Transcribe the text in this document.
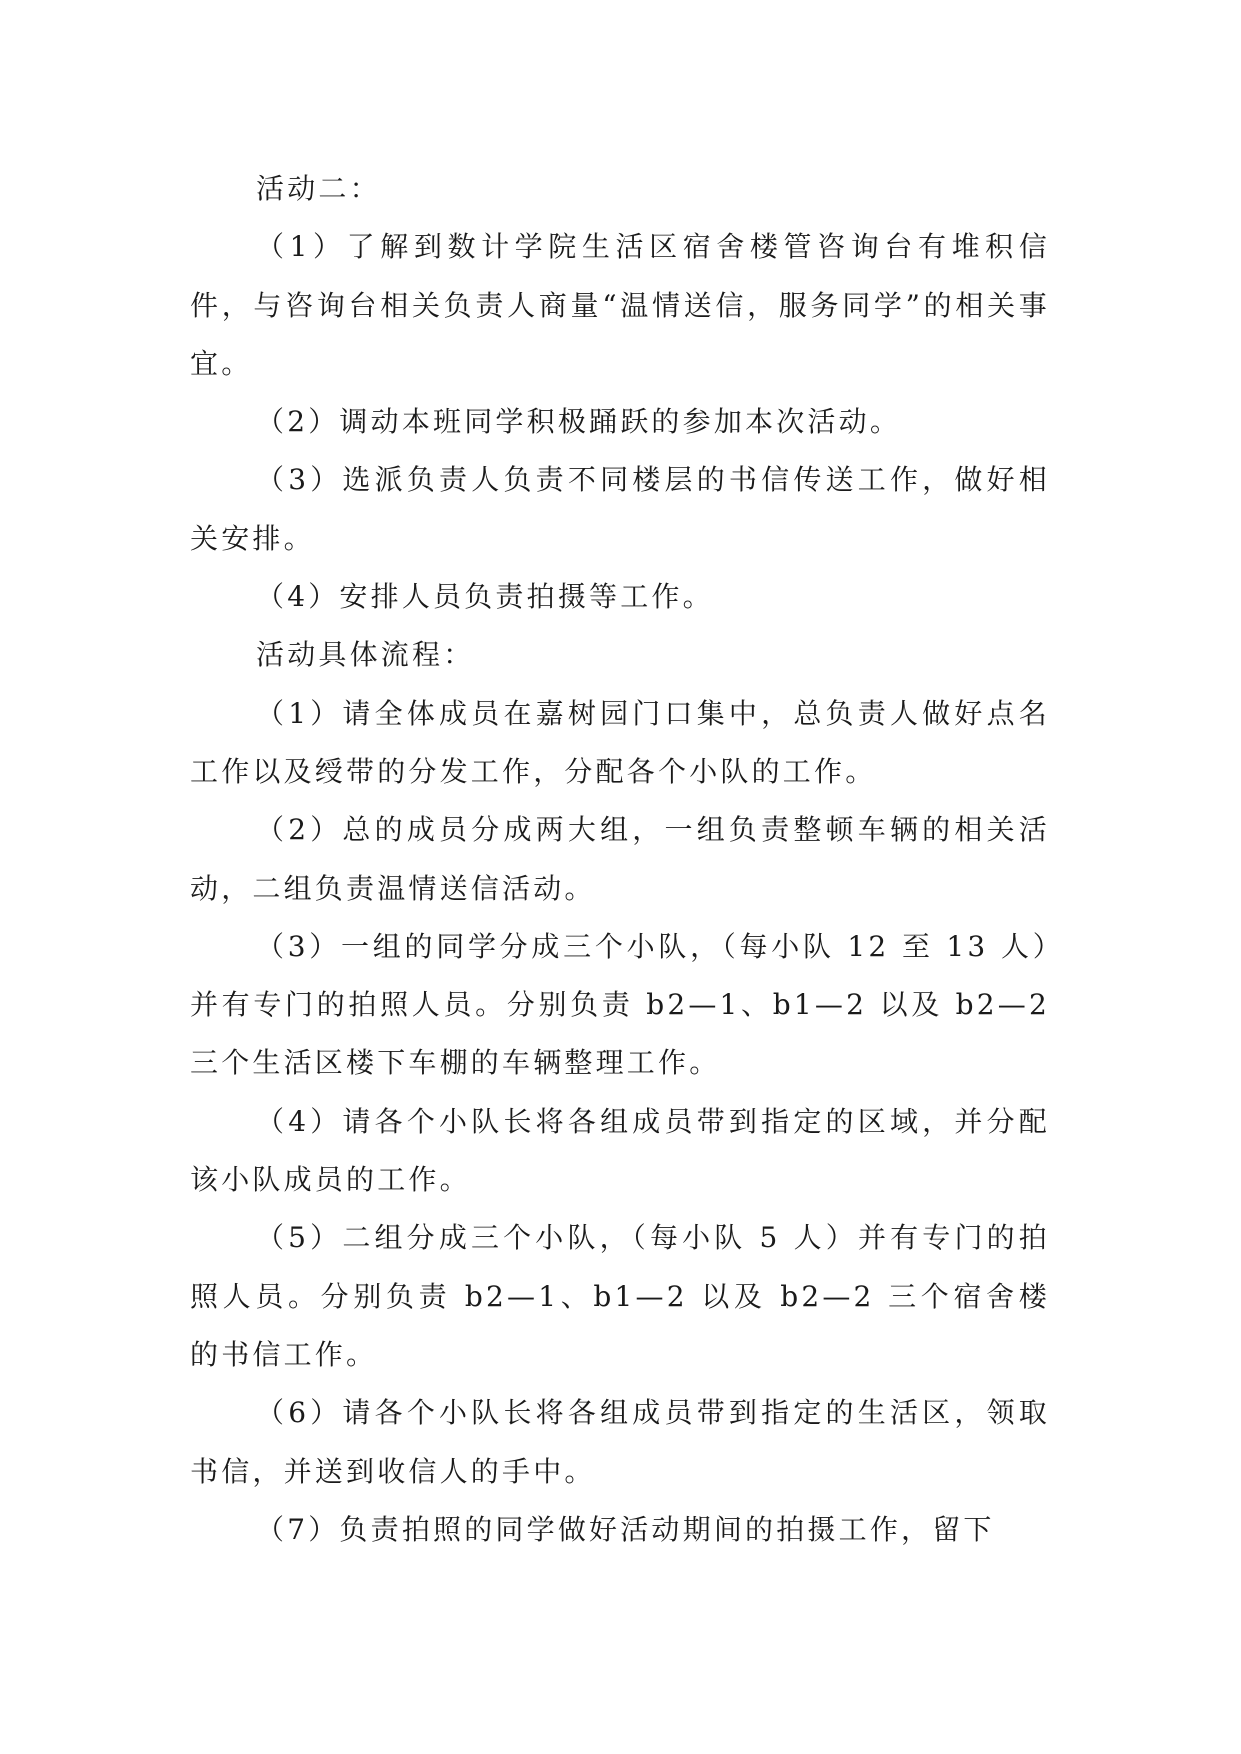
活动二：

（1）了解到数计学院生活区宿舍楼管咨询台有堆积信件，与咨询台相关负责人商量“温情送信，服务同学”的相关事宜。

（2）调动本班同学积极踊跃的参加本次活动。

（3）选派负责人负责不同楼层的书信传送工作，做好相关安排。

（4）安排人员负责拍摄等工作。

活动具体流程：

（1）请全体成员在嘉树园门口集中，总负责人做好点名工作以及绶带的分发工作，分配各个小队的工作。

（2）总的成员分成两大组，一组负责整顿车辆的相关活动，二组负责温情送信活动。

（3）一组的同学分成三个小队，（每小队 12 至 13 人）并有专门的拍照人员。分别负责 b2—1、b1—2 以及 b2—2 三个生活区楼下车棚的车辆整理工作。

（4）请各个小队长将各组成员带到指定的区域，并分配该小队成员的工作。

（5）二组分成三个小队，（每小队 5 人）并有专门的拍照人员。分别负责 b2—1、b1—2 以及 b2—2 三个宿舍楼的书信工作。

（6）请各个小队长将各组成员带到指定的生活区，领取书信，并送到收信人的手中。

（7）负责拍照的同学做好活动期间的拍摄工作，留下
